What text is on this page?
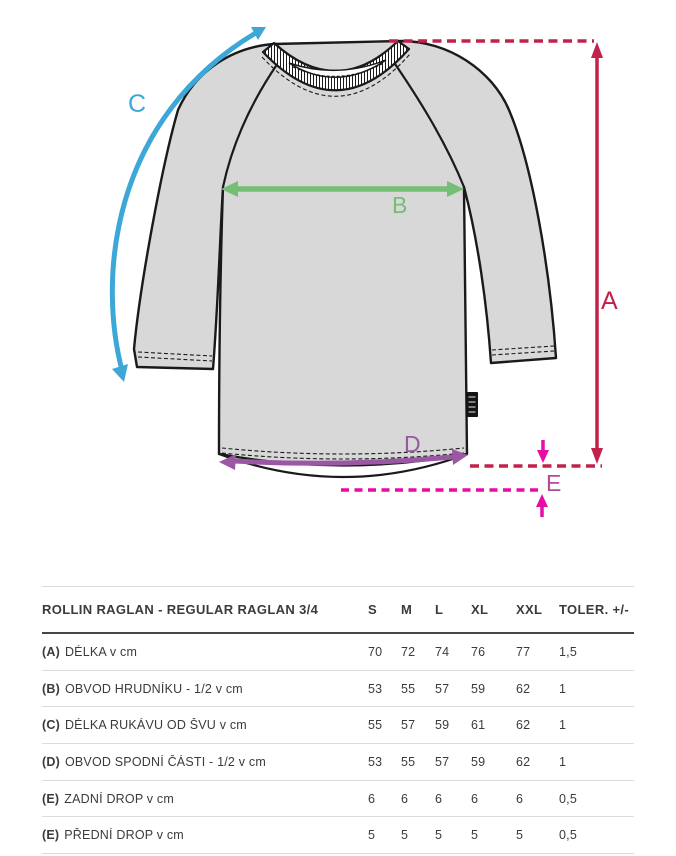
A
B
C
D
E
ROLLIN RAGLAN - REGULAR RAGLAN 3/4	S	M	L	XL	XXL	TOLER. +/-
(A) DÉLKA v cm	70	72	74	76	77	1,5
(B) OBVOD HRUDNÍKU - 1/2 v cm	53	55	57	59	62	1
(C) DÉLKA RUKÁVU OD ŠVU v cm	55	57	59	61	62	1
(D) OBVOD SPODNÍ ČÁSTI - 1/2 v cm	53	55	57	59	62	1
(E) ZADNÍ DROP v cm	6	6	6	6	6	0,5
(E) PŘEDNÍ DROP v cm	5	5	5	5	5	0,5
